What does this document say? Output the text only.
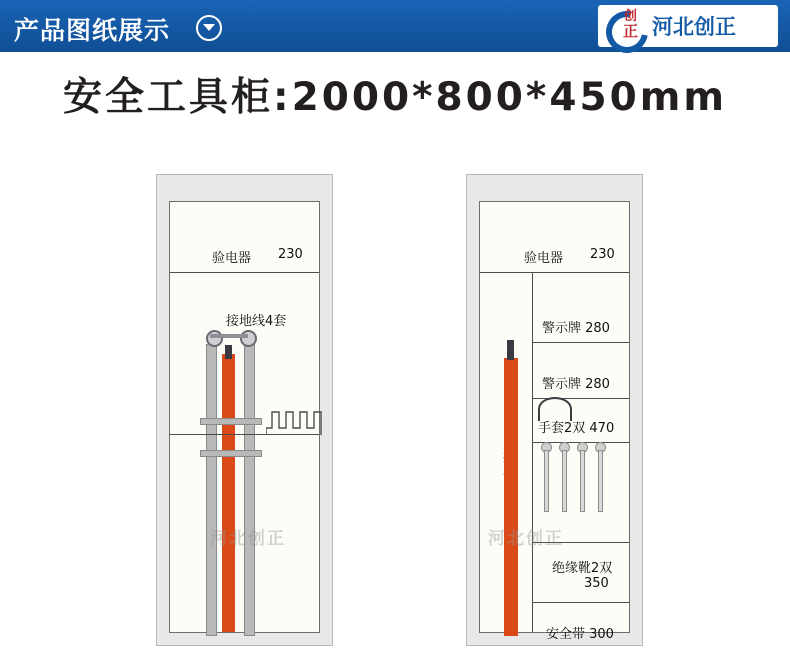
产品图纸展示	创
正 河北创正
安全工具柜:2000*800*450mm
验电器 230
接地线4套
河北创正
验电器 230
警示牌 280
警示牌 280
手套2双 470
绝缘靴2双
350
安全带 300
河北创正
